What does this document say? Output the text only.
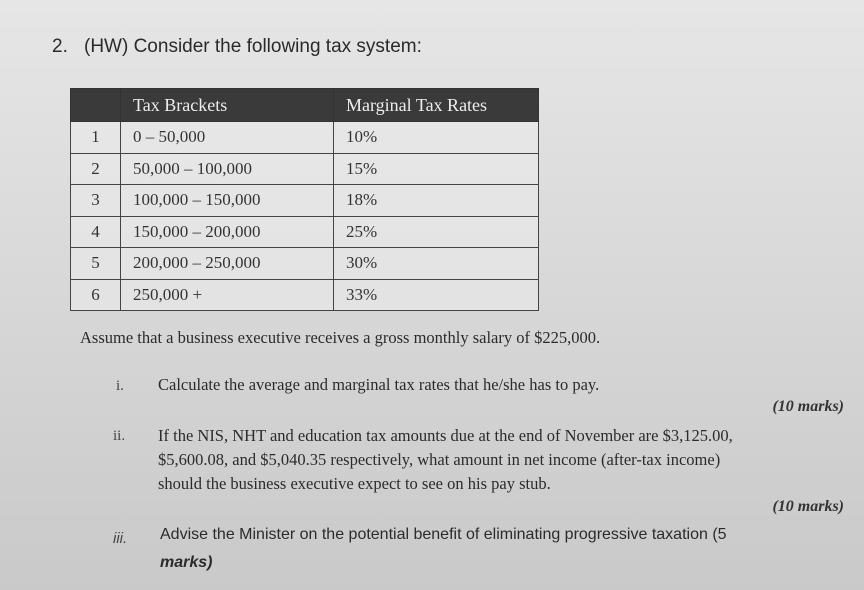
2. (HW) Consider the following tax system:
	Tax Brackets	Marginal Tax Rates
1	0 – 50,000	10%
2	50,000 – 100,000	15%
3	100,000 – 150,000	18%
4	150,000 – 200,000	25%
5	200,000 – 250,000	30%
6	250,000 +	33%
Assume that a business executive receives a gross monthly salary of $225,000.
i. Calculate the average and marginal tax rates that he/she has to pay.
(10 marks)
ii. If the NIS, NHT and education tax amounts due at the end of November are $3,125.00,
$5,600.08, and $5,040.35 respectively, what amount in net income (after-tax income)
should the business executive expect to see on his pay stub.
(10 marks)
iii. Advise the Minister on the potential benefit of eliminating progressive taxation (5
marks)
